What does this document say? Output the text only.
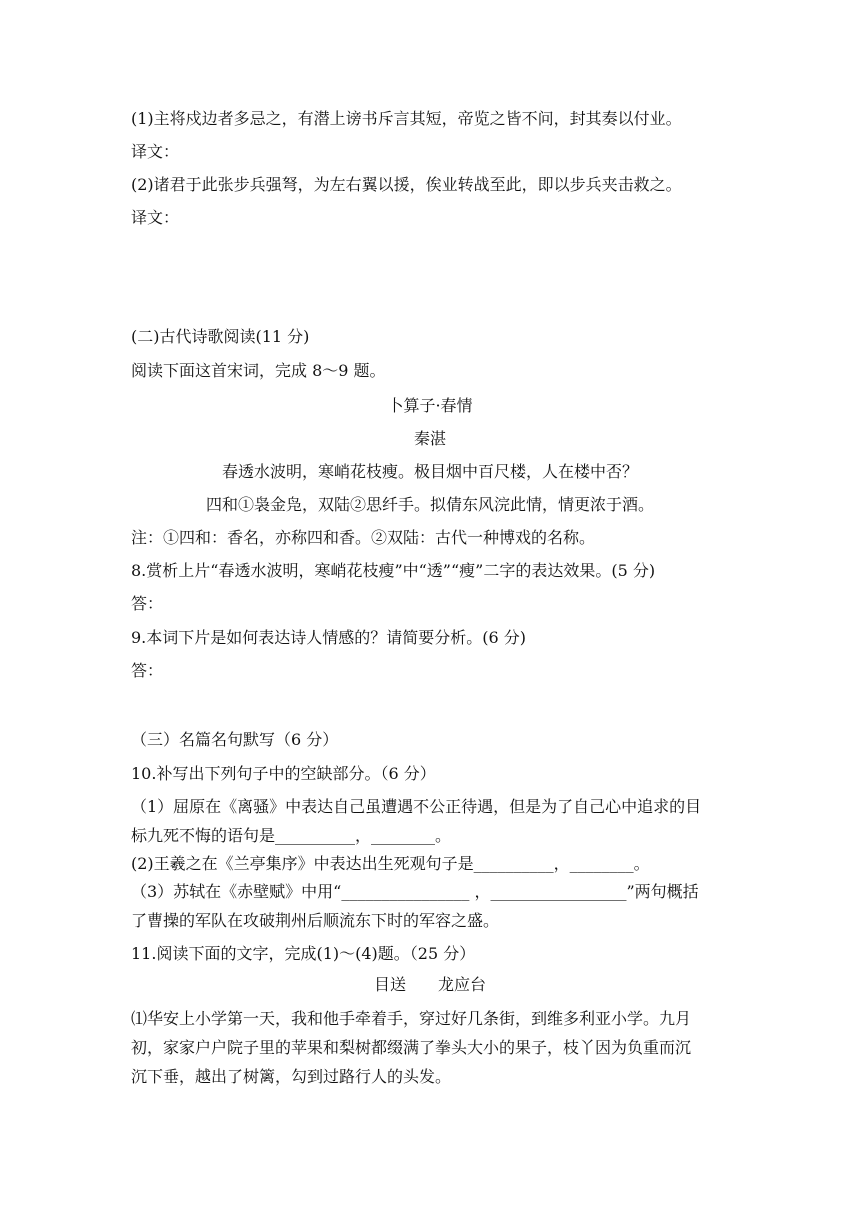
(1)主将戍边者多忌之，有潜上谤书斥言其短，帝览之皆不问，封其奏以付业。
译文：
(2)诸君于此张步兵强弩，为左右翼以援，俟业转战至此，即以步兵夹击救之。
译文：
(二)古代诗歌阅读(11 分)
阅读下面这首宋词，完成 8～9 题。
卜算子·春情
秦湛
春透水波明，寒峭花枝瘦。极目烟中百尺楼，人在楼中否？
四和①袅金凫，双陆②思纤手。拟倩东风浣此情，情更浓于酒。
注：①四和：香名，亦称四和香。②双陆：古代一种博戏的名称。
8.赏析上片“春透水波明，寒峭花枝瘦”中“透”“瘦”二字的表达效果。(5 分)
答：
9.本词下片是如何表达诗人情感的？请简要分析。(6 分)
答：
（三）名篇名句默写（6 分）
10.补写出下列句子中的空缺部分。（6 分）
（1）屈原在《离骚》中表达自己虽遭遇不公正待遇，但是为了自己心中追求的目
标九死不悔的语句是__________，________。
(2)王羲之在《兰亭集序》中表达出生死观句子是__________，________。
（3）苏轼在《赤壁赋》中用“________________ ，_________________”两句概括
了曹操的军队在攻破荆州后顺流东下时的军容之盛。
11.阅读下面的文字，完成(1)～(4)题。（25 分）
目送　　龙应台
⑴华安上小学第一天，我和他手牵着手，穿过好几条街，到维多利亚小学。九月
初，家家户户院子里的苹果和梨树都缀满了拳头大小的果子，枝丫因为负重而沉
沉下垂，越出了树篱，勾到过路行人的头发。
